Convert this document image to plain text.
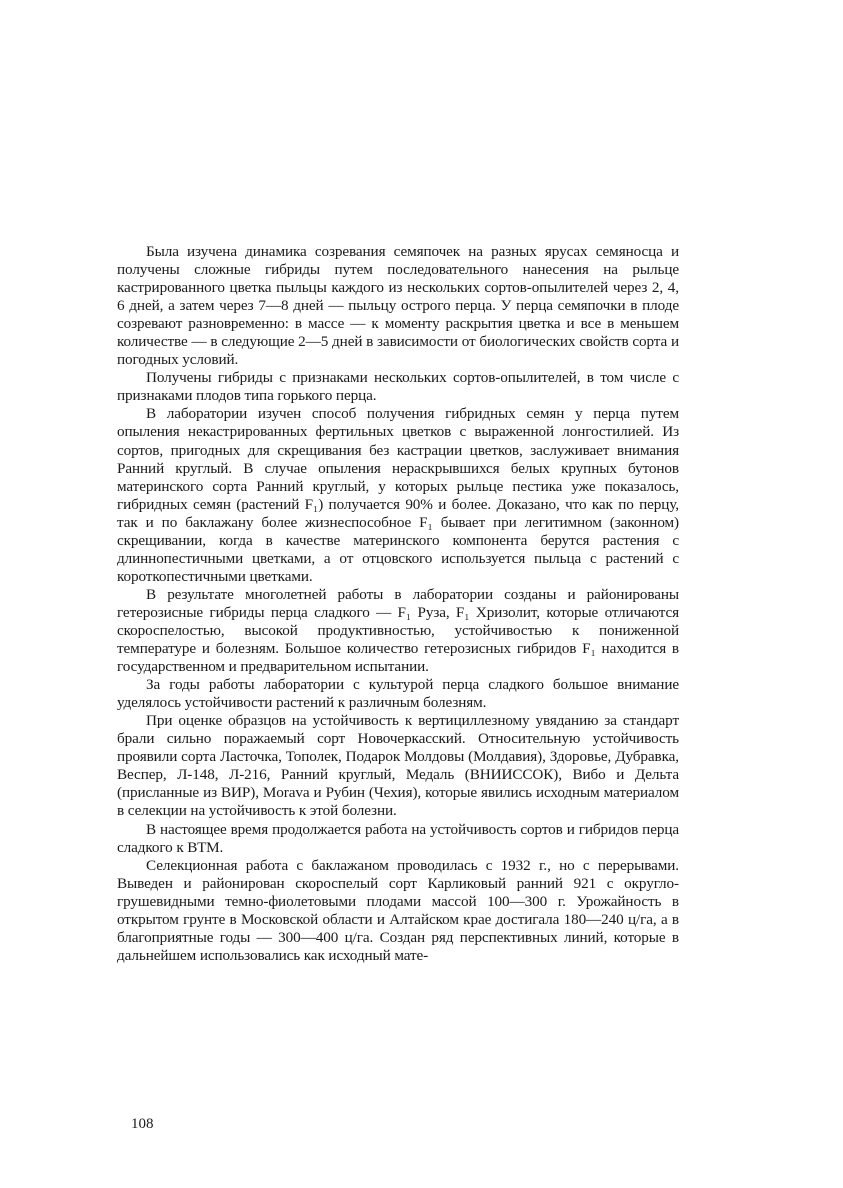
Была изучена динамика созревания семяпочек на разных ярусах семяносца и получены сложные гибриды путем последовательного нанесения на рыльце кастрированного цветка пыльцы каждого из нескольких сортов-опылителей через 2, 4, 6 дней, а затем через 7—8 дней — пыльцу острого перца. У перца семяпочки в плоде созревают разновременно: в массе — к моменту раскрытия цветка и все в меньшем количестве — в следующие 2—5 дней в зависимости от биологических свойств сорта и погодных условий.

Получены гибриды с признаками нескольких сортов-опылителей, в том числе с признаками плодов типа горького перца.

В лаборатории изучен способ получения гибридных семян у перца путем опыления некастрированных фертильных цветков с выраженной лонгостилией. Из сортов, пригодных для скрещивания без кастрации цветков, заслуживает внимания Ранний круглый. В случае опыления нераскрывшихся белых крупных бутонов материнского сорта Ранний круглый, у которых рыльце пестика уже показалось, гибридных семян (растений F₁) получается 90% и более. Доказано, что как по перцу, так и по баклажану более жизнеспособное F₁ бывает при легитимном (законном) скрещивании, когда в качестве материнского компонента берутся растения с длиннопестичными цветками, а от отцовского используется пыльца с растений с короткопестичными цветками.

В результате многолетней работы в лаборатории созданы и районированы гетерозисные гибриды перца сладкого — F₁ Руза, F₁ Хризолит, которые отличаются скороспелостью, высокой продуктивностью, устойчивостью к пониженной температуре и болезням. Большое количество гетерозисных гибридов F₁ находится в государственном и предварительном испытании.

За годы работы лаборатории с культурой перца сладкого большое внимание уделялось устойчивости растений к различным болезням.

При оценке образцов на устойчивость к вертициллезному увяданию за стандарт брали сильно поражаемый сорт Новочеркасский. Относительную устойчивость проявили сорта Ласточка, Тополек, Подарок Молдовы (Молдавия), Здоровье, Дубравка, Веспер, Л-148, Л-216, Ранний круглый, Медаль (ВНИИССОК), Вибо и Дельта (присланные из ВИР), Morava и Рубин (Чехия), которые явились исходным материалом в селекции на устойчивость к этой болезни.

В настоящее время продолжается работа на устойчивость сортов и гибридов перца сладкого к ВТМ.

Селекционная работа с баклажаном проводилась с 1932 г., но с перерывами. Выведен и районирован скороспелый сорт Карликовый ранний 921 с округло-грушевидными темно-фиолетовыми плодами массой 100—300 г. Урожайность в открытом грунте в Московской области и Алтайском крае достигала 180—240 ц/га, а в благоприятные годы — 300—400 ц/га. Создан ряд перспективных линий, которые в дальнейшем использовались как исходный мате-

108
